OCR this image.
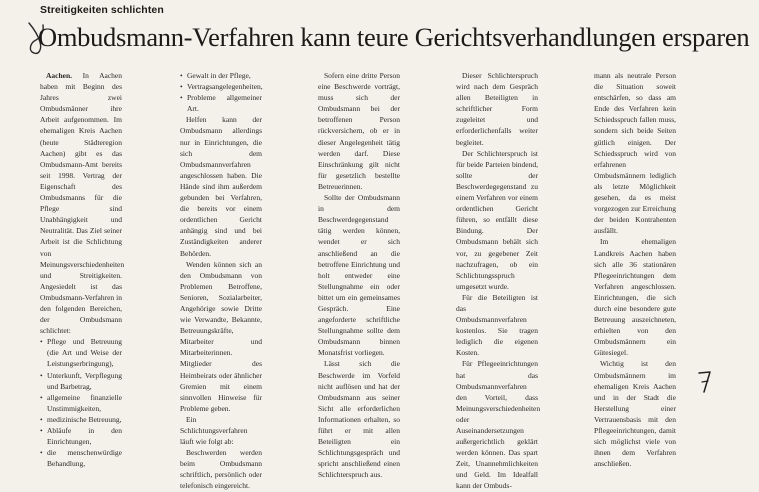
Streitigkeiten schlichten
Ombudsmann-Verfahren kann teure Gerichtsverhandlungen ersparen

Aachen. In Aachen haben mit Beginn des Jahres zwei Ombudsmänner ihre Arbeit aufgenommen. Im ehemaligen Kreis Aachen (heute Städteregion Aachen) gibt es das Ombudsmann-Amt bereits seit 1998. Vertrag der Eigenschaft des Ombudsmanns für die Pflege sind Unabhängigkeit und Neutralität. Das Ziel seiner Arbeit ist die Schlichtung von Meinungsverschiedenheiten und Streitigkeiten. Angesiedelt ist das Ombudsmann-Verfahren in den folgenden Bereichen, der Ombudsmann schlichtet:

• Pflege und Betreuung (die Art und Weise der Leistungserbringung),
• Unterkunft, Verpflegung und Barbetrag,
• allgemeine finanzielle Unstimmigkeiten,
• medizinische Betreuung,
• Abläufe in den Einrichtungen,
• die menschenwürdige Behandlung,
• Gewalt in der Pflege,
• Vertragsangelegenheiten,
• Probleme allgemeiner Art.

Helfen kann der Ombudsmann allerdings nur in Einrichtungen, die sich dem Ombudsmannverfahren angeschlossen haben. Die Hände sind ihm außerdem gebunden bei Verfahren, die bereits vor einem ordentlichen Gericht anhängig sind und bei Zuständigkeiten anderer Behörden.

Wenden können sich an den Ombudsmann von Problemen Betroffene, Senioren, Sozialarbeiter, Angehörige sowie Dritte wie Verwandte, Bekannte, Betreuungskräfte, Mitarbeiter und Mitarbeiterinnen. Mitglieder des Heimbeirats oder ähnlicher Gremien mit einem sinnvollen Hinweise für Probleme geben.

Ein Schlichtungsverfahren läuft wie folgt ab:

Beschwerden werden beim Ombudsmann schriftlich, persönlich oder telefonisch eingereicht.

Sofern eine dritte Person eine Beschwerde vorträgt, muss sich der Ombudsmann bei der betroffenen Person rückversichern, ob er in dieser Angelegenheit tätig werden darf. Diese Einschränkung gilt nicht für gesetzlich bestellte Betreuerinnen.

Sollte der Ombudsmann in dem Beschwerdegegenstand tätig werden können, wendet er sich anschließend an die betroffene Einrichtung und holt entweder eine Stellungnahme ein oder bittet um ein gemeinsames Gespräch. Eine angeforderte schriftliche Stellungnahme sollte dem Ombudsmann binnen Monatsfrist vorliegen.

Lässt sich die Beschwerde im Vorfeld nicht auflösen und hat der Ombudsmann aus seiner Sicht alle erforderlichen Informationen erhalten, so führt er mit allen Beteiligten ein Schlichtungsgespräch und spricht anschließend einen Schlichterspruch aus.

Dieser Schlichterspruch wird nach dem Gespräch allen Beteiligten in schriftlicher Form zugeleitet und erforderlichenfalls weiter begleitet.

Der Schlichterspruch ist für beide Parteien bindend, sollte der Beschwerdegegenstand zu einem Verfahren vor einem ordentlichen Gericht führen, so entfällt diese Bindung. Der Ombudsmann behält sich vor, zu gegebener Zeit nachzufragen, ob ein Schlichtungsspruch umgesetzt wurde.

Für die Beteiligten ist das Ombudsmannverfahren kostenlos. Sie tragen lediglich die eigenen Kosten.

Für Pflegeeinrichtungen hat das Ombudsmannverfahren den Vorteil, dass Meinungsverschiedenheiten oder Auseinandersetzungen außergerichtlich geklärt werden können. Das spart Zeit, Unannehmlichkeiten und Geld. Im Idealfall kann der Ombuds-

mann als neutrale Person die Situation soweit entschärfen, so dass am Ende des Verfahren kein Schiedsspruch fallen muss, sondern sich beide Seiten gütlich einigen. Der Schiedsspruch wird von erfahrenen Ombudsmännern lediglich als letzte Möglichkeit gesehen, da es meist vorgezogen zur Erreichung der beiden Kontrahenten ausfällt.

Im ehemaligen Landkreis Aachen haben sich alle 36 stationären Pflegeeinrichtungen dem Verfahren angeschlossen. Einrichtungen, die sich durch eine besondere gute Betreuung auszeichneten, erhielten von den Ombudsmännern ein Gütesiegel.

Wichtig ist den Ombudsmännern im ehemaligen Kreis Aachen und in der Stadt die Herstellung einer Vertrauensbasis mit den Pflegeeinrichtungen, damit sich möglichst viele von ihnen dem Verfahren anschließen.
